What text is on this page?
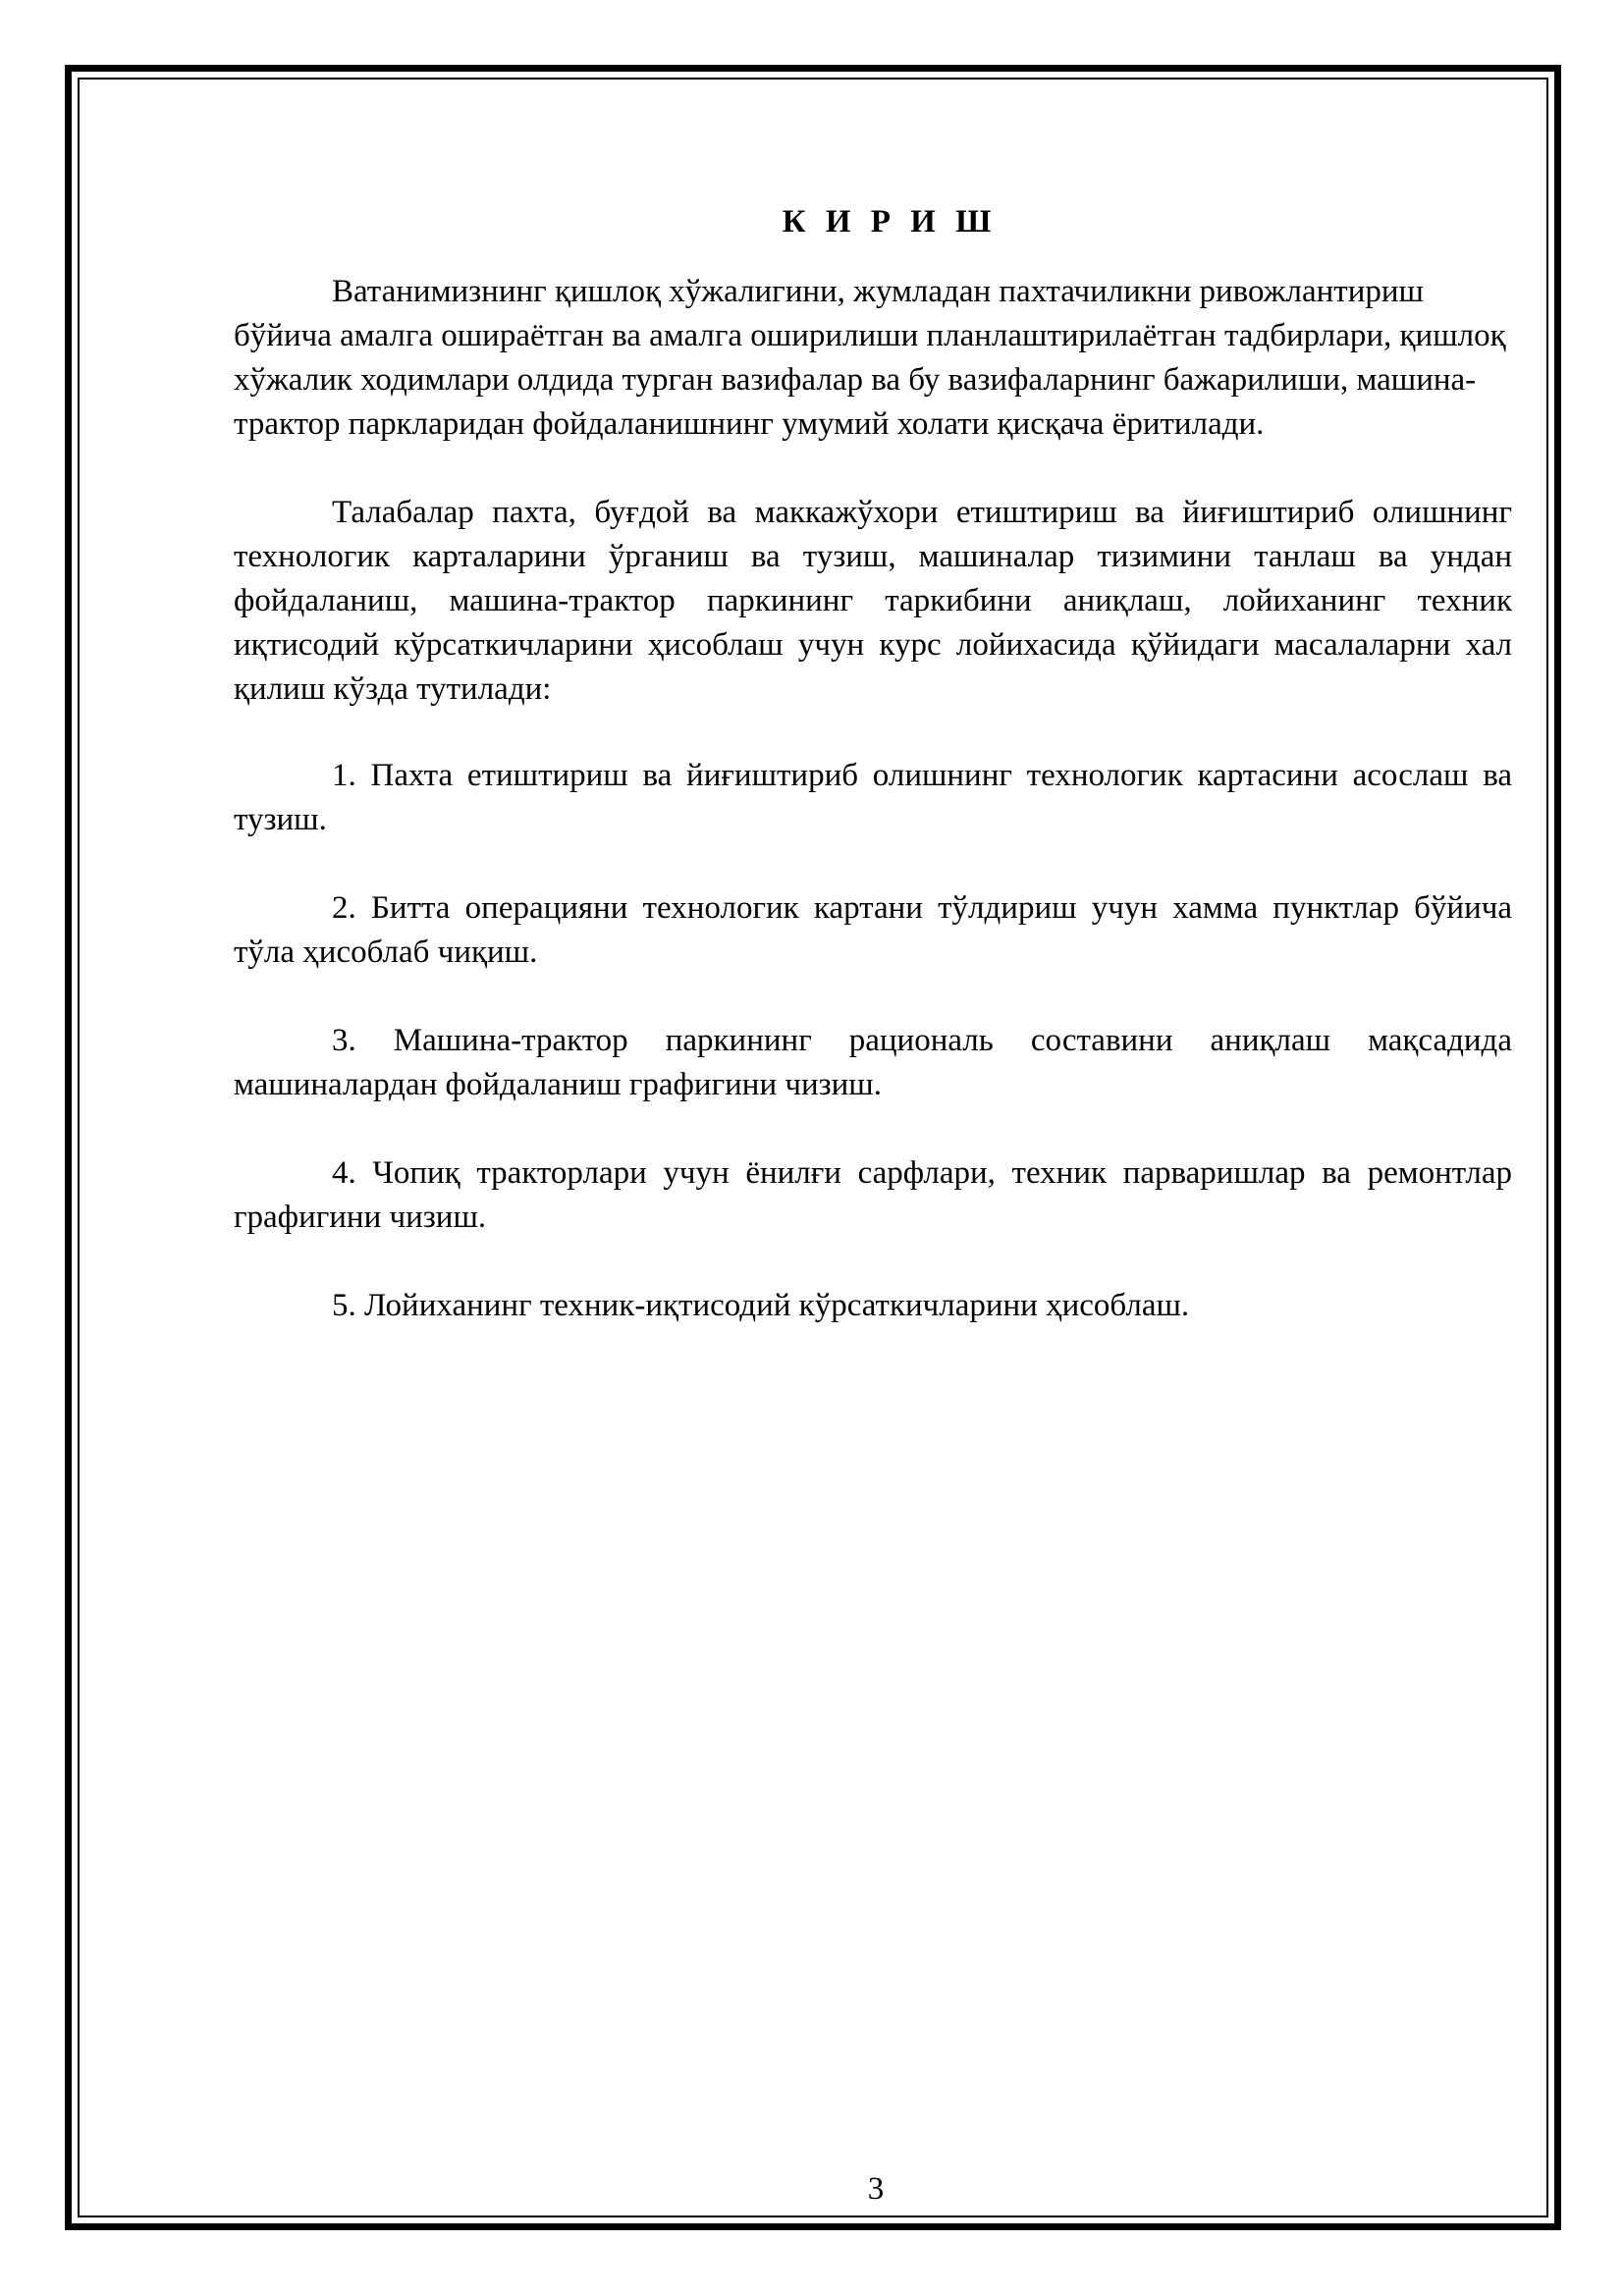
К И Р И Ш

Ватанимизнинг қишлоқ хўжалигини, жумладан пахтачиликни ривожлантириш бўйича амалга ошираётган ва амалга оширилиши планлаштирилаётган тадбирлари, қишлоқ хўжалик ходимлари олдида турган вазифалар ва бу вазифаларнинг бажарилиши, машина-трактор паркларидан фойдаланишнинг умумий холати қисқача ёритилади.

Талабалар пахта, буғдой ва маккажўхори етиштириш ва йиғиштириб олишнинг технологик карталарини ўрганиш ва тузиш, машиналар тизимини танлаш ва ундан фойдаланиш, машина-трактор паркининг таркибини аниқлаш, лойиханинг техник иқтисодий кўрсаткичларини ҳисоблаш учун курс лойихасида қўйидаги масалаларни хал қилиш кўзда тутилади:

1. Пахта етиштириш ва йиғиштириб олишнинг технологик картасини асослаш ва тузиш.

2. Битта операцияни технологик картани тўлдириш учун хамма пунктлар бўйича тўла ҳисоблаб чиқиш.

3. Машина-трактор паркининг рациональ составини аниқлаш мақсадида машиналардан фойдаланиш графигини чизиш.

4. Чопиқ тракторлари учун ёнилғи сарфлари, техник парваришлар ва ремонтлар графигини чизиш.

5. Лойиханинг техник-иқтисодий кўрсаткичларини ҳисоблаш.

3
